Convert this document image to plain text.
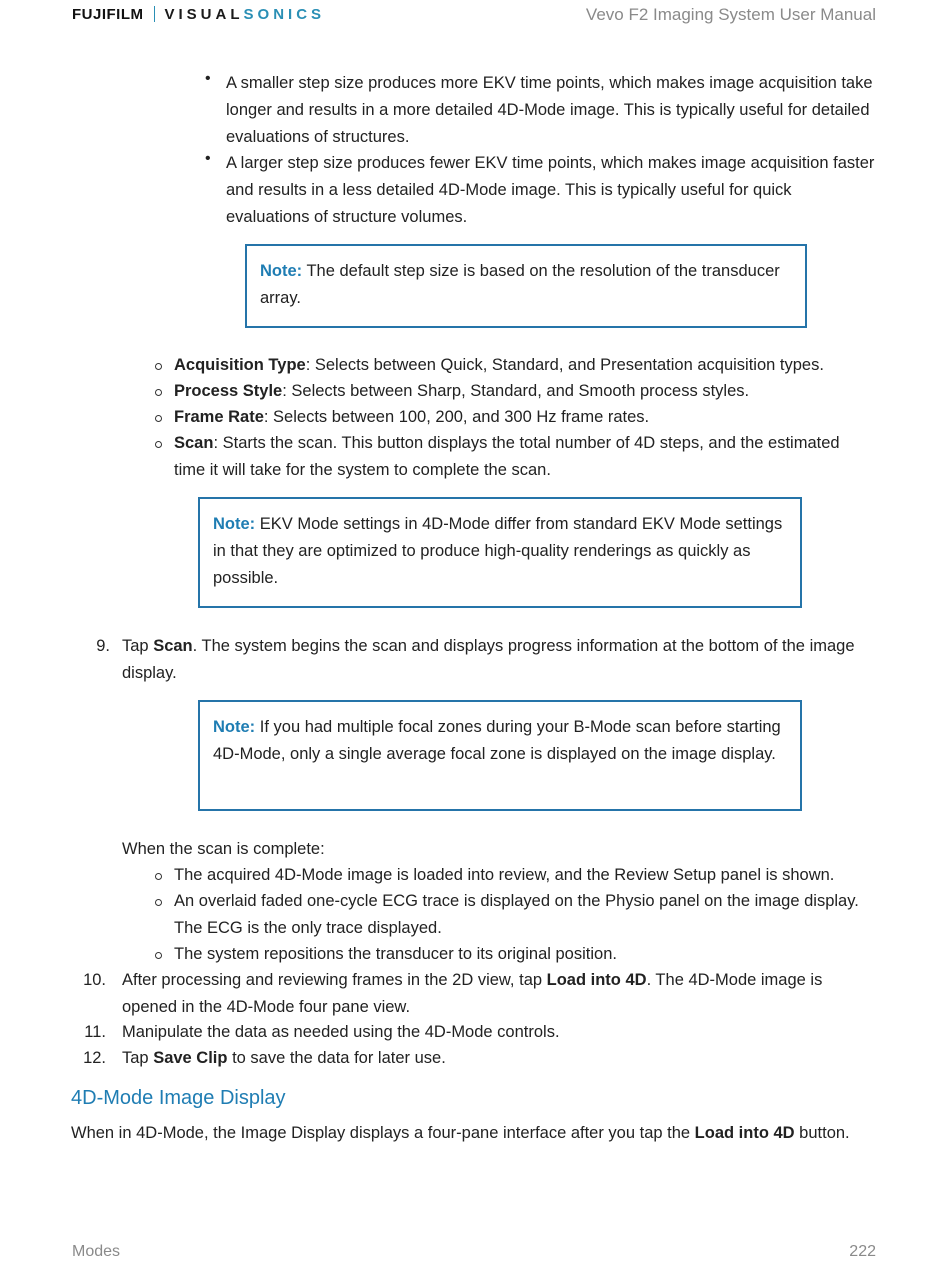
FUJIFILM VISUALSONICS	Vevo F2 Imaging System User Manual
• A smaller step size produces more EKV time points, which makes image acquisition take longer and results in a more detailed 4D-Mode image. This is typically useful for detailed evaluations of structures.
• A larger step size produces fewer EKV time points, which makes image acquisition faster and results in a less detailed 4D-Mode image. This is typically useful for quick evaluations of structure volumes.
Note: The default step size is based on the resolution of the transducer array.
Acquisition Type: Selects between Quick, Standard, and Presentation acquisition types.
Process Style: Selects between Sharp, Standard, and Smooth process styles.
Frame Rate: Selects between 100, 200, and 300 Hz frame rates.
Scan: Starts the scan. This button displays the total number of 4D steps, and the estimated time it will take for the system to complete the scan.
Note: EKV Mode settings in 4D-Mode differ from standard EKV Mode settings in that they are optimized to produce high-quality renderings as quickly as possible.
9. Tap Scan. The system begins the scan and displays progress information at the bottom of the image display.
Note: If you had multiple focal zones during your B-Mode scan before starting 4D-Mode, only a single average focal zone is displayed on the image display.
When the scan is complete:
The acquired 4D-Mode image is loaded into review, and the Review Setup panel is shown.
An overlaid faded one-cycle ECG trace is displayed on the Physio panel on the image display. The ECG is the only trace displayed.
The system repositions the transducer to its original position.
10. After processing and reviewing frames in the 2D view, tap Load into 4D. The 4D-Mode image is opened in the 4D-Mode four pane view.
11. Manipulate the data as needed using the 4D-Mode controls.
12. Tap Save Clip to save the data for later use.
4D-Mode Image Display
When in 4D-Mode, the Image Display displays a four-pane interface after you tap the Load into 4D button.
Modes	222
